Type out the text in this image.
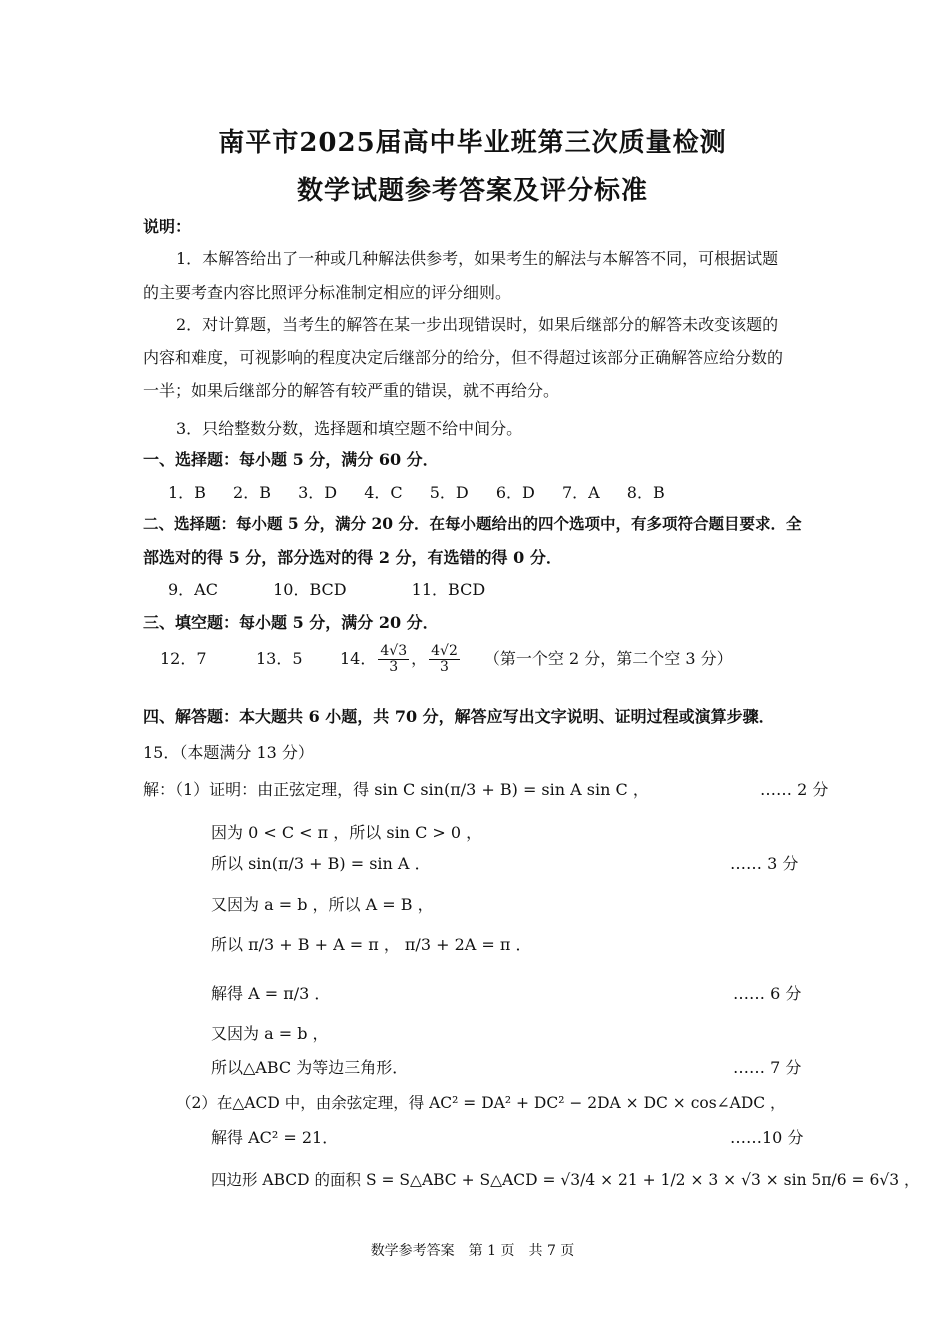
南平市2025届高中毕业班第三次质量检测
数学试题参考答案及评分标准
说明：
1．本解答给出了一种或几种解法供参考，如果考生的解法与本解答不同，可根据试题
的主要考查内容比照评分标准制定相应的评分细则。
2．对计算题，当考生的解答在某一步出现错误时，如果后继部分的解答未改变该题的
内容和难度，可视影响的程度决定后继部分的给分，但不得超过该部分正确解答应给分数的
一半；如果后继部分的解答有较严重的错误，就不再给分。
3．只给整数分数，选择题和填空题不给中间分。
一、选择题：每小题 5 分，满分 60 分．
1．B 2．B 3．D 4．C 5．D 6．D 7．A 8．B
二、选择题：每小题 5 分，满分 20 分．在每小题给出的四个选项中，有多项符合题目要求．全
部选对的得 5 分，部分选对的得 2 分，有选错的得 0 分．
9．AC	10．BCD	11．BCD
三、填空题：每小题 5 分，满分 20 分．
12．7	13．5 14． $\frac{4√3}{3}$ ， $\frac{4√2}{3}$ （第一个空 2 分，第二个空 3 分）
四、解答题：本大题共 6 小题，共 70 分，解答应写出文字说明、证明过程或演算步骤．
15．（本题满分 13 分）
解：（1）证明：由正弦定理，得 sin C sin(π/3 + B) = sin A sin C ，	…… 2 分
因为 0 < C < π ，所以 sin C > 0 ，
所以 sin(π/3 + B) = sin A ．	…… 3 分
又因为 a = b ，所以 A = B ，
所以 π/3 + B + A = π ， π/3 + 2A = π ．
解得 A = π/3 ．	…… 6 分
又因为 a = b ，
所以△ABC 为等边三角形．	…… 7 分
（2）在△ACD 中，由余弦定理，得 AC² = DA² + DC² − 2DA × DC × cos∠ADC ，
解得 AC² = 21．	……10 分
四边形 ABCD 的面积 S = S△ABC + S△ACD = √3/4 × 21 + 1/2 × 3 × √3 × sin 5π/6 = 6√3 ，
数学参考答案　第 1 页　共 7 页
